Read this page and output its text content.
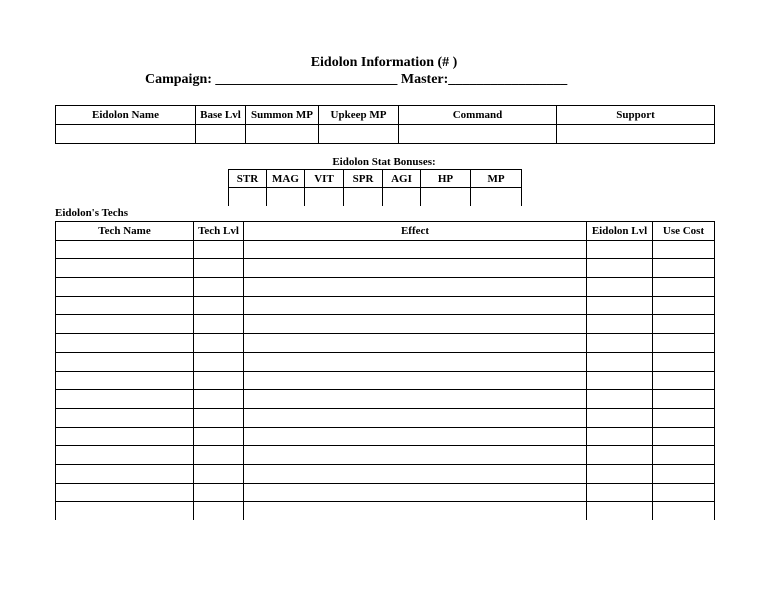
Eidolon Information (# )
Campaign: __________________________ Master:_________________
Eidolon Name	Base Lvl	Summon MP	Upkeep MP	Command	Support

Eidolon Stat Bonuses:
STR	MAG	VIT	SPR	AGI	HP	MP

Eidolon's Techs
Tech Name	Tech Lvl	Effect	Eidolon Lvl	Use Cost
